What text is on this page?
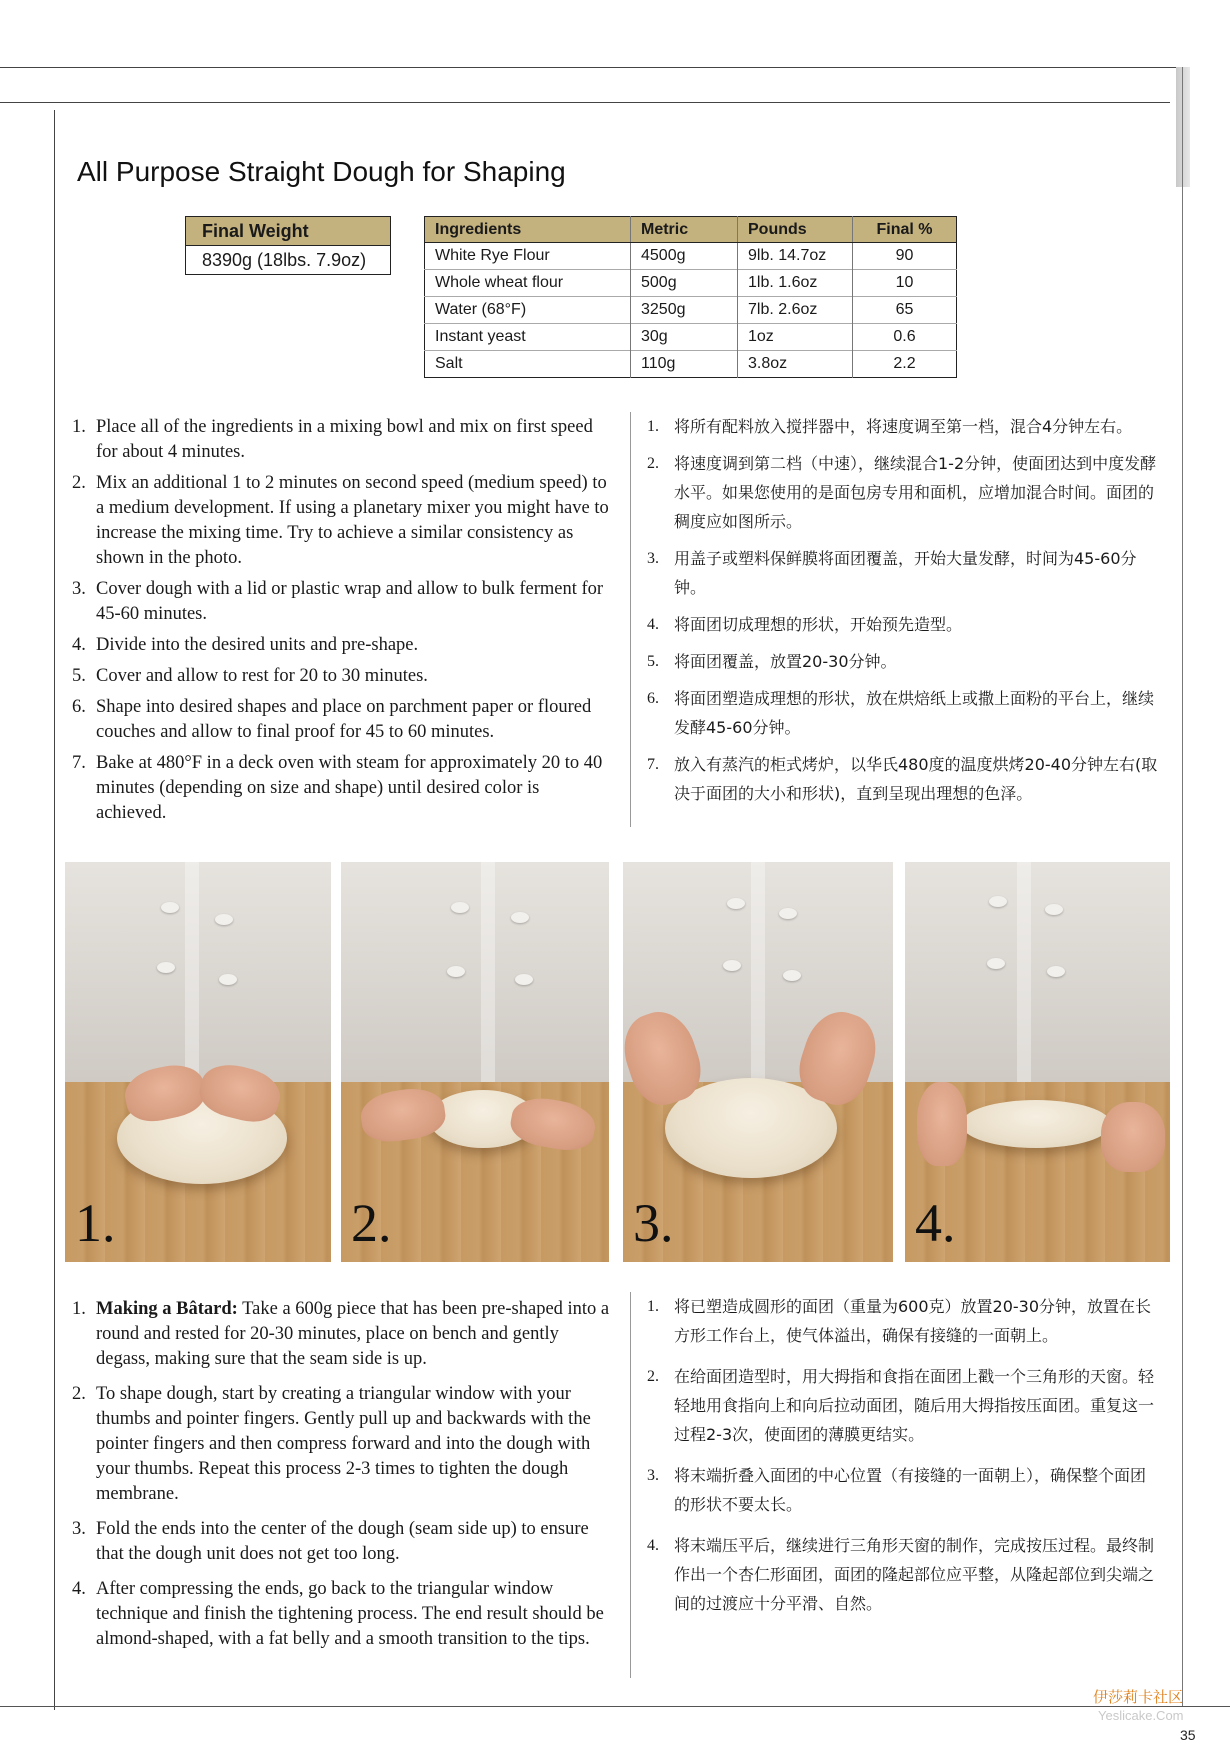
All Purpose Straight Dough for Shaping
Final Weight
8390g (18lbs. 7.9oz)
Ingredients	Metric	Pounds	Final %
White Rye Flour	4500g	9lb. 14.7oz	90
Whole wheat flour	500g	1lb. 1.6oz	10
Water (68°F)	3250g	7lb. 2.6oz	65
Instant yeast	30g	1oz	0.6
Salt	110g	3.8oz	2.2
1. Place all of the ingredients in a mixing bowl and mix on first speed for about 4 minutes.
2. Mix an additional 1 to 2 minutes on second speed (medium speed) to a medium development. If using a planetary mixer you might have to increase the mixing time. Try to achieve a similar consistency as shown in the photo.
3. Cover dough with a lid or plastic wrap and allow to bulk ferment for 45-60 minutes.
4. Divide into the desired units and pre-shape.
5. Cover and allow to rest for 20 to 30 minutes.
6. Shape into desired shapes and place on parchment paper or floured couches and allow to final proof for 45 to 60 minutes.
7. Bake at 480°F in a deck oven with steam for approximately 20 to 40 minutes (depending on size and shape) until desired color is achieved.
1. 将所有配料放入搅拌器中，将速度调至第一档，混合4分钟左右。
2. 将速度调到第二档（中速），继续混合1-2分钟，使面团达到中度发酵水平。如果您使用的是面包房专用和面机，应增加混合时间。面团的稠度应如图所示。
3. 用盖子或塑料保鲜膜将面团覆盖，开始大量发酵，时间为45-60分钟。
4. 将面团切成理想的形状，开始预先造型。
5. 将面团覆盖，放置20-30分钟。
6. 将面团塑造成理想的形状，放在烘焙纸上或撒上面粉的平台上，继续发酵45-60分钟。
7. 放入有蒸汽的柜式烤炉，以华氏480度的温度烘烤20-40分钟左右(取决于面团的大小和形状)，直到呈现出理想的色泽。
1.	2.	3.	4.
1. Making a Bâtard: Take a 600g piece that has been pre-shaped into a round and rested for 20-30 minutes, place on bench and gently degass, making sure that the seam side is up.
2. To shape dough, start by creating a triangular window with your thumbs and pointer fingers. Gently pull up and backwards with the pointer fingers and then compress forward and into the dough with your thumbs. Repeat this process 2-3 times to tighten the dough membrane.
3. Fold the ends into the center of the dough (seam side up) to ensure that the dough unit does not get too long.
4. After compressing the ends, go back to the triangular window technique and finish the tightening process. The end result should be almond-shaped, with a fat belly and a smooth transition to the tips.
1. 将已塑造成圆形的面团（重量为600克）放置20-30分钟，放置在长方形工作台上，使气体溢出，确保有接缝的一面朝上。
2. 在给面团造型时，用大拇指和食指在面团上戳一个三角形的天窗。轻轻地用食指向上和向后拉动面团，随后用大拇指按压面团。重复这一过程2-3次，使面团的薄膜更结实。
3. 将末端折叠入面团的中心位置（有接缝的一面朝上），确保整个面团的形状不要太长。
4. 将末端压平后，继续进行三角形天窗的制作，完成按压过程。最终制作出一个杏仁形面团，面团的隆起部位应平整，从隆起部位到尖端之间的过渡应十分平滑、自然。
伊莎莉卡社区
Yeslicake.Com
35
